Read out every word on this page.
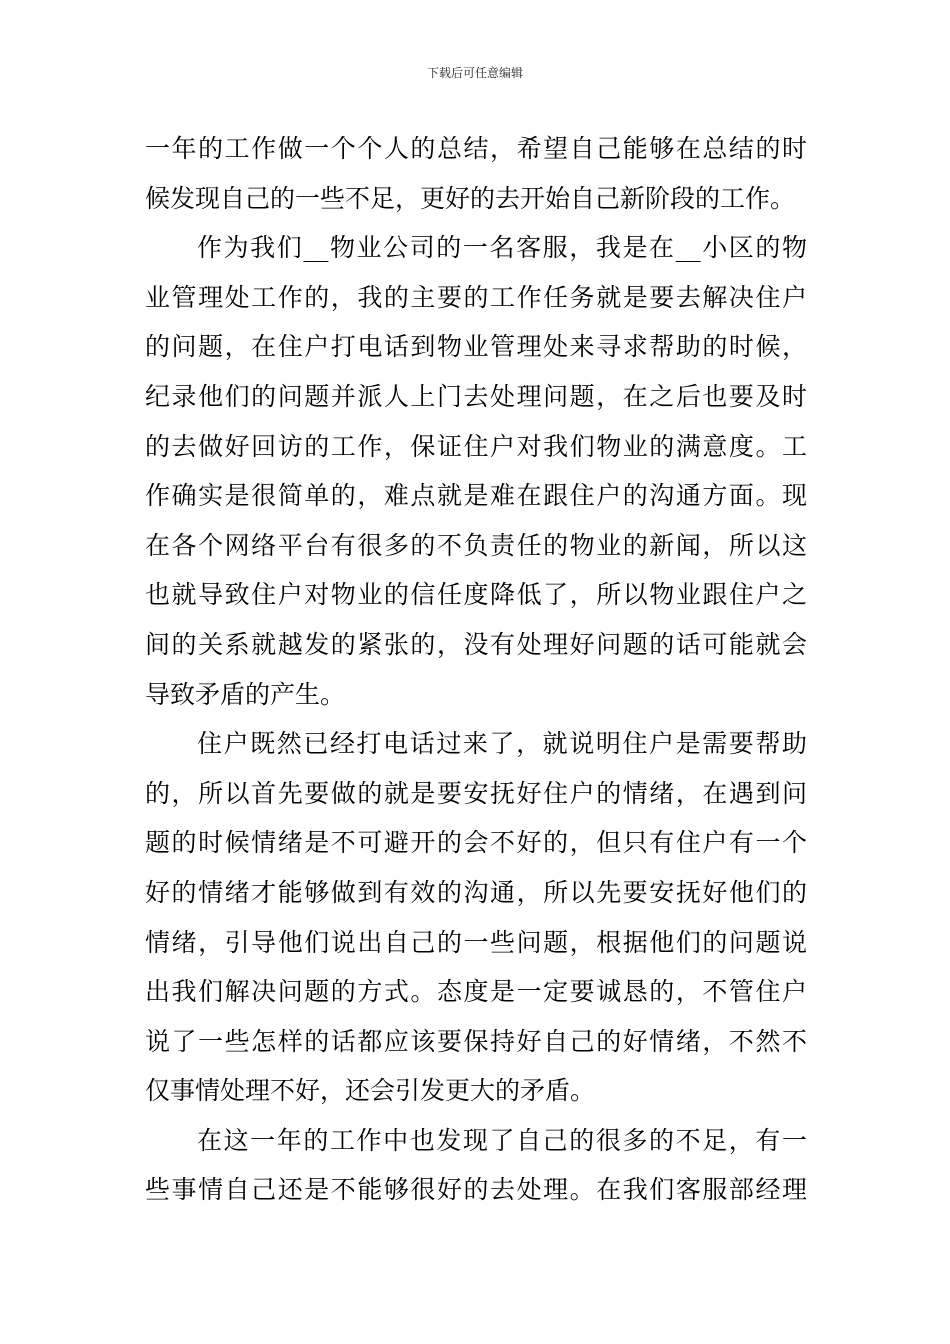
下载后可任意编辑
一年的工作做一个个人的总结，希望自己能够在总结的时
候发现自己的一些不足，更好的去开始自己新阶段的工作。
作为我们__物业公司的一名客服，我是在__小区的物
业管理处工作的，我的主要的工作任务就是要去解决住户
的问题，在住户打电话到物业管理处来寻求帮助的时候，
纪录他们的问题并派人上门去处理问题，在之后也要及时
的去做好回访的工作，保证住户对我们物业的满意度。工
作确实是很简单的，难点就是难在跟住户的沟通方面。现
在各个网络平台有很多的不负责任的物业的新闻，所以这
也就导致住户对物业的信任度降低了，所以物业跟住户之
间的关系就越发的紧张的，没有处理好问题的话可能就会
导致矛盾的产生。
住户既然已经打电话过来了，就说明住户是需要帮助
的，所以首先要做的就是要安抚好住户的情绪，在遇到问
题的时候情绪是不可避开的会不好的，但只有住户有一个
好的情绪才能够做到有效的沟通，所以先要安抚好他们的
情绪，引导他们说出自己的一些问题，根据他们的问题说
出我们解决问题的方式。态度是一定要诚恳的，不管住户
说了一些怎样的话都应该要保持好自己的好情绪，不然不
仅事情处理不好，还会引发更大的矛盾。
在这一年的工作中也发现了自己的很多的不足，有一
些事情自己还是不能够很好的去处理。在我们客服部经理
